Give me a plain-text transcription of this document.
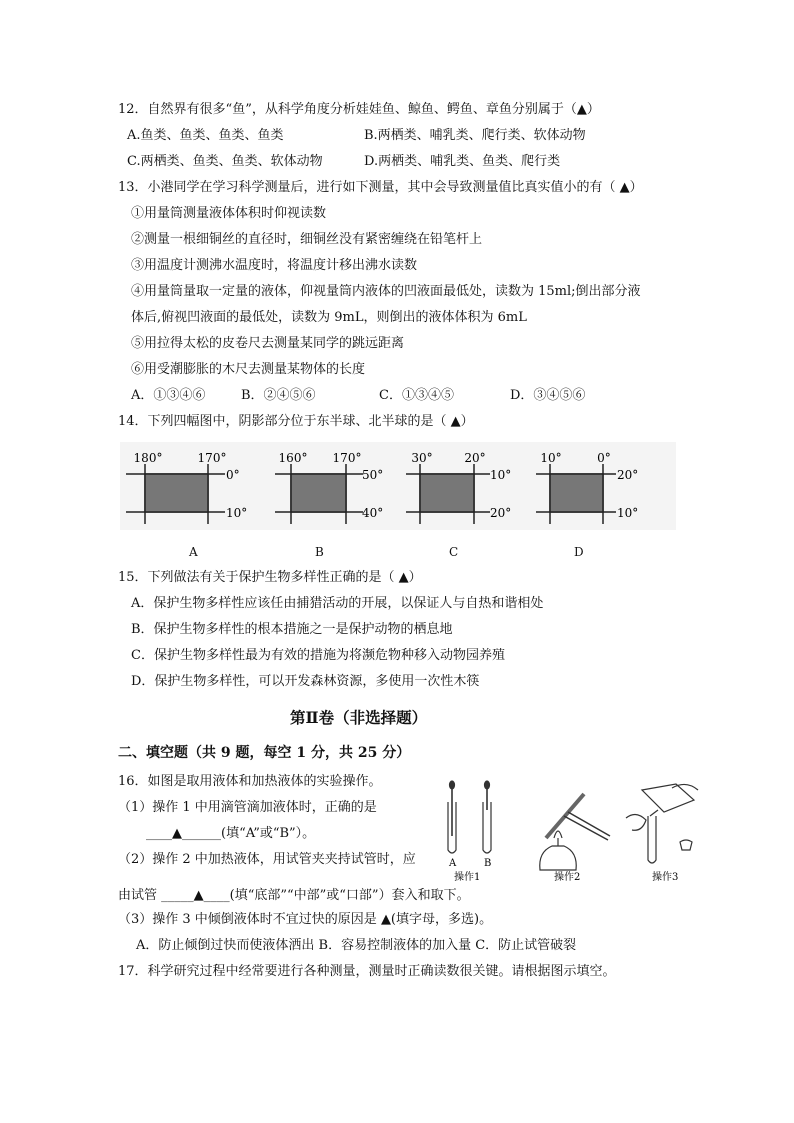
12．自然界有很多“鱼”，从科学角度分析娃娃鱼、鲸鱼、鳄鱼、章鱼分别属于（▲）
A.鱼类、鱼类、鱼类、鱼类	B.两栖类、哺乳类、爬行类、软体动物
C.两栖类、鱼类、鱼类、软体动物	D.两栖类、哺乳类、鱼类、爬行类
13．小港同学在学习科学测量后，进行如下测量，其中会导致测量值比真实值小的有（ ▲）
①用量筒测量液体体积时仰视读数
②测量一根细铜丝的直径时，细铜丝没有紧密缠绕在铅笔杆上
③用温度计测沸水温度时，将温度计移出沸水读数
④用量筒量取一定量的液体，仰视量筒内液体的凹液面最低处，读数为 15ml;倒出部分液
体后,俯视凹液面的最低处，读数为 9mL，则倒出的液体体积为 6mL
⑤用拉得太松的皮卷尺去测量某同学的跳远距离
⑥用受潮膨胀的木尺去测量某物体的长度
A．①③④⑥	B．②④⑤⑥	C．①③④⑤	D．③④⑤⑥
14．下列四幅图中，阴影部分位于东半球、北半球的是（ ▲）
180°	170°
0°
10°
160° 170°
50°
40°
30°	20°
10°
20°
10°	0°
20°
10°
A	B	C	D
15．下列做法有关于保护生物多样性正确的是（ ▲）
A．保护生物多样性应该任由捕猎活动的开展，以保证人与自热和谐相处
B．保护生物多样性的根本措施之一是保护动物的栖息地
C．保护生物多样性最为有效的措施为将濒危物种移入动物园养殖
D．保护生物多样性，可以开发森林资源，多使用一次性木筷
第Ⅱ卷（非选择题）
二、填空题（共 9 题，每空 1 分，共 25 分）
16．如图是取用液体和加热液体的实验操作。
（1）操作 1 中用滴管滴加液体时，正确的是
____▲______(填“A”或“B”）。
（2）操作 2 中加热液体，用试管夹夹持试管时，应
由试管 _____▲____(填“底部”“中部”或“口部”）套入和取下。
（3）操作 3 中倾倒液体时不宜过快的原因是 ▲(填字母，多选)。
A．防止倾倒过快而使液体洒出 B．容易控制液体的加入量 C．防止试管破裂
A	B
操作1	操作2	操作3
17．科学研究过程中经常要进行各种测量，测量时正确读数很关键。请根据图示填空。
